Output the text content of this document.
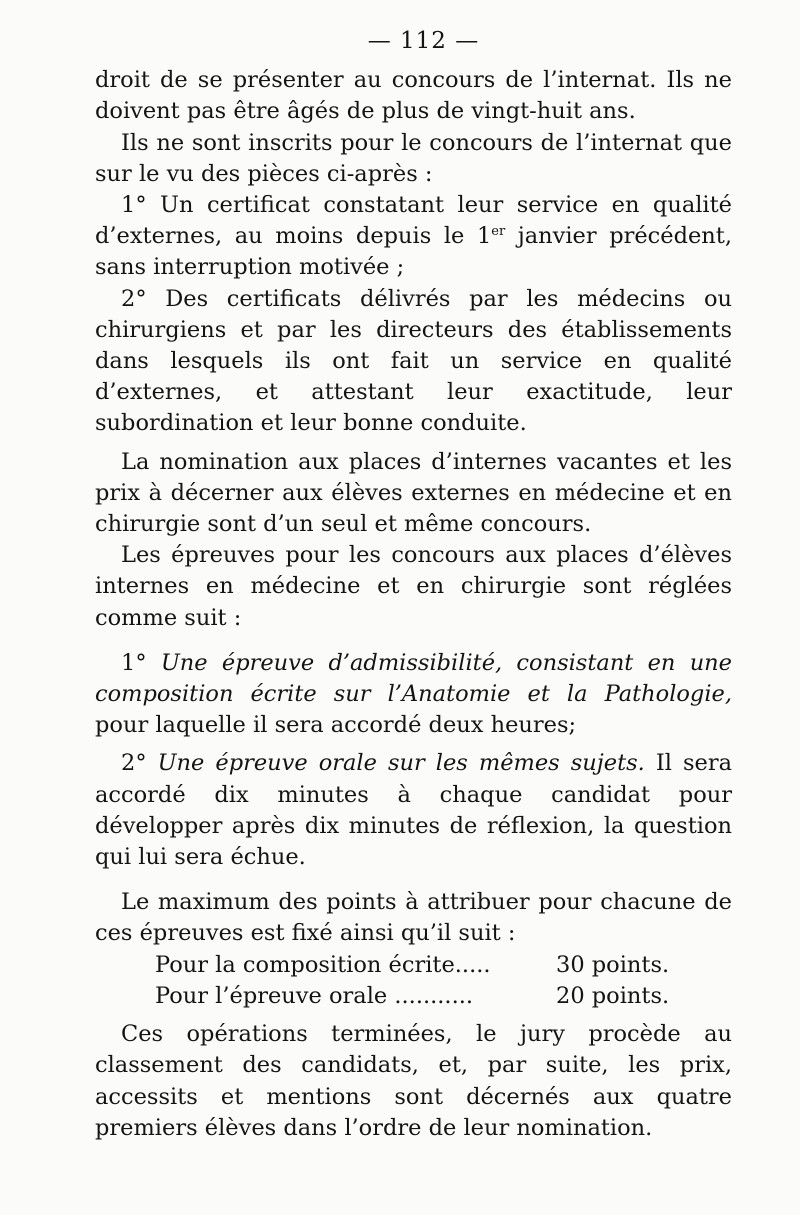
— 112 —

droit de se présenter au concours de l’internat. Ils ne doivent pas être âgés de plus de vingt-huit ans.

Ils ne sont inscrits pour le concours de l’internat que sur le vu des pièces ci-après :

1° Un certificat constatant leur service en qualité d’externes, au moins depuis le 1er janvier précédent, sans interruption motivée ;

2° Des certificats délivrés par les médecins ou chirurgiens et par les directeurs des établissements dans lesquels ils ont fait un service en qualité d’externes, et attestant leur exactitude, leur subordination et leur bonne conduite.

La nomination aux places d’internes vacantes et les prix à décerner aux élèves externes en médecine et en chirurgie sont d’un seul et même concours.

Les épreuves pour les concours aux places d’élèves internes en médecine et en chirurgie sont réglées comme suit :

1° Une épreuve d’admissibilité, consistant en une composition écrite sur l’Anatomie et la Pathologie, pour laquelle il sera accordé deux heures;

2° Une épreuve orale sur les mêmes sujets. Il sera accordé dix minutes à chaque candidat pour développer après dix minutes de réflexion, la question qui lui sera échue.

Le maximum des points à attribuer pour chacune de ces épreuves est fixé ainsi qu’il suit :

Pour la composition écrite.....	30 points.
Pour l’épreuve orale ...........	20 points.

Ces opérations terminées, le jury procède au classement des candidats, et, par suite, les prix, accessits et mentions sont décernés aux quatre premiers élèves dans l’ordre de leur nomination.
